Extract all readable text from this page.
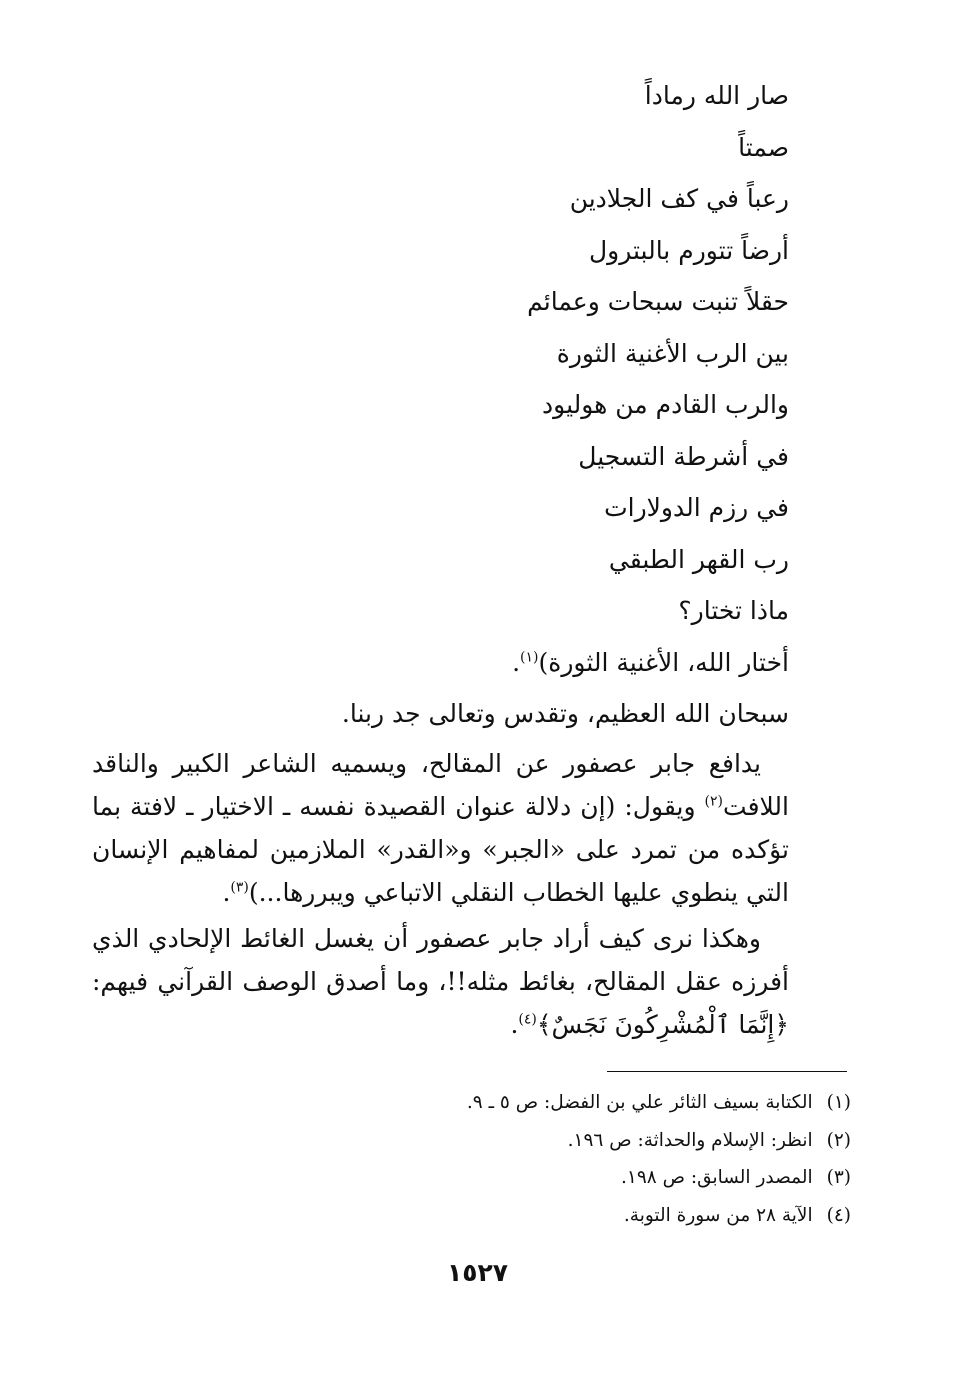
صار الله رماداً
صمتاً
رعباً في كف الجلادين
أرضاً تتورم بالبترول
حقلاً تنبت سبحات وعمائم
بين الرب الأغنية الثورة
والرب القادم من هوليود
في أشرطة التسجيل
في رزم الدولارات
رب القهر الطبقي
ماذا تختار؟
أختار الله، الأغنية الثورة)$^{(١)}$.
سبحان الله العظيم، وتقدس وتعالى جد ربنا.

يدافع جابر عصفور عن المقالح، ويسميه الشاعر الكبير والناقد اللافت$^{(٢)}$ ويقول: (إن دلالة عنوان القصيدة نفسه ـ الاختيار ـ لافتة بما تؤكده من تمرد على «الجبر» و«القدر» الملازمين لمفاهيم الإنسان التي ينطوي عليها الخطاب النقلي الاتباعي ويبررها...)$^{(٣)}$.

وهكذا نرى كيف أراد جابر عصفور أن يغسل الغائط الإلحادي الذي أفرزه عقل المقالح، بغائط مثله!!، وما أصدق الوصف القرآني فيهم: ﴿إِنَّمَا ٱلْمُشْرِكُونَ نَجَسٌ﴾$^{(٤)}$.

(١)الكتابة بسيف الثائر علي بن الفضل: ص ٥ ـ ٩.
(٢)انظر: الإسلام والحداثة: ص ١٩٦.
(٣)المصدر السابق: ص ١٩٨.
(٤)الآية ٢٨ من سورة التوبة.
١٥٢٧
